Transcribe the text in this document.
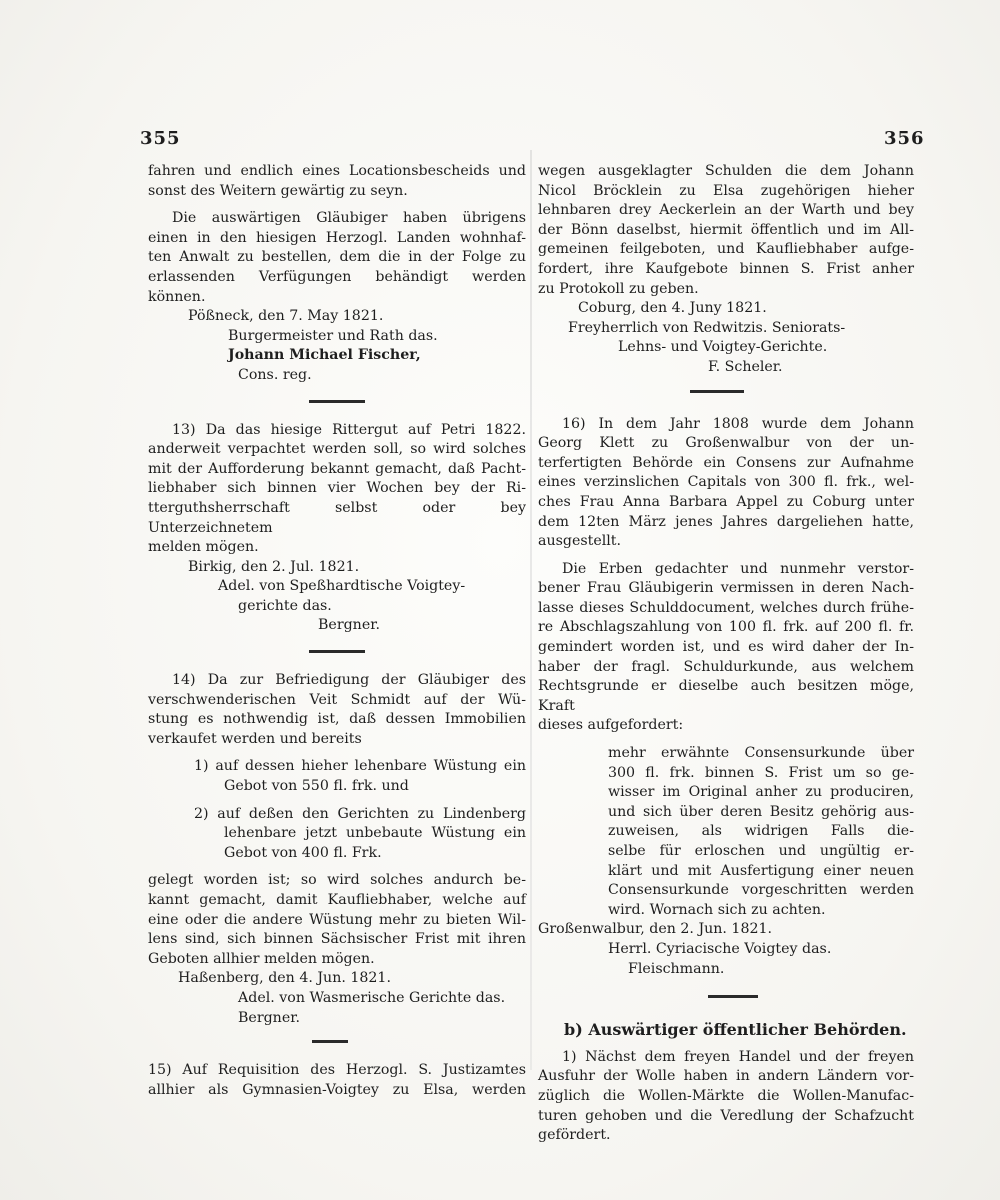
355	356
fahren und endlich eines Locationsbescheids und
sonst des Weitern gewärtig zu seyn.
Die auswärtigen Gläubiger haben übrigens
einen in den hiesigen Herzogl. Landen wohnhaf-
ten Anwalt zu bestellen, dem die in der Folge zu
erlassenden Verfügungen behändigt werden können.
Pößneck, den 7. May 1821.
Burgermeister und Rath das.
Johann Michael Fischer,
Cons. reg.
13) Da das hiesige Rittergut auf Petri 1822.
anderweit verpachtet werden soll, so wird solches
mit der Aufforderung bekannt gemacht, daß Pacht-
liebhaber sich binnen vier Wochen bey der Ri-
tterguthsherrschaft selbst oder bey Unterzeichnetem
melden mögen.
Birkig, den 2. Jul. 1821.
Adel. von Speßhardtische Voigtey-
gerichte das.
Bergner.
14) Da zur Befriedigung der Gläubiger des
verschwenderischen Veit Schmidt auf der Wü-
stung es nothwendig ist, daß dessen Immobilien
verkaufet werden und bereits
1) auf dessen hieher lehenbare Wüstung ein
Gebot von 550 fl. frk. und
2) auf deßen den Gerichten zu Lindenberg
lehenbare jetzt unbebaute Wüstung ein
Gebot von 400 fl. Frk.
gelegt worden ist; so wird solches andurch be-
kannt gemacht, damit Kaufliebhaber, welche auf
eine oder die andere Wüstung mehr zu bieten Wil-
lens sind, sich binnen Sächsischer Frist mit ihren
Geboten allhier melden mögen.
Haßenberg, den 4. Jun. 1821.
Adel. von Wasmerische Gerichte das.
Bergner.
15) Auf Requisition des Herzogl. S. Justizamtes
allhier als Gymnasien-Voigtey zu Elsa, werden
wegen ausgeklagter Schulden die dem Johann
Nicol Bröcklein zu Elsa zugehörigen hieher
lehnbaren drey Aeckerlein an der Warth und bey
der Bönn daselbst, hiermit öffentlich und im All-
gemeinen feilgeboten, und Kaufliebhaber aufge-
fordert, ihre Kaufgebote binnen S. Frist anher
zu Protokoll zu geben.
Coburg, den 4. Juny 1821.
Freyherrlich von Redwitzis. Seniorats-
Lehns- und Voigtey-Gerichte.
F. Scheler.
16) In dem Jahr 1808 wurde dem Johann
Georg Klett zu Großenwalbur von der un-
terfertigten Behörde ein Consens zur Aufnahme
eines verzinslichen Capitals von 300 fl. frk., wel-
ches Frau Anna Barbara Appel zu Coburg unter
dem 12ten März jenes Jahres dargeliehen hatte,
ausgestellt.
Die Erben gedachter und nunmehr verstor-
bener Frau Gläubigerin vermissen in deren Nach-
lasse dieses Schulddocument, welches durch frühe-
re Abschlagszahlung von 100 fl. frk. auf 200 fl. fr.
gemindert worden ist, und es wird daher der In-
haber der fragl. Schuldurkunde, aus welchem
Rechtsgrunde er dieselbe auch besitzen möge, Kraft
dieses aufgefordert:
mehr erwähnte Consensurkunde über
300 fl. frk. binnen S. Frist um so ge-
wisser im Original anher zu produciren,
und sich über deren Besitz gehörig aus-
zuweisen, als widrigen Falls die-
selbe für erloschen und ungültig er-
klärt und mit Ausfertigung einer neuen
Consensurkunde vorgeschritten werden
wird. Wornach sich zu achten.
Großenwalbur, den 2. Jun. 1821.
Herrl. Cyriacische Voigtey das.
Fleischmann.
b) Auswärtiger öffentlicher Behörden.
1) Nächst dem freyen Handel und der freyen
Ausfuhr der Wolle haben in andern Ländern vor-
züglich die Wollen-Märkte die Wollen-Manufac-
turen gehoben und die Veredlung der Schafzucht
gefördert.
